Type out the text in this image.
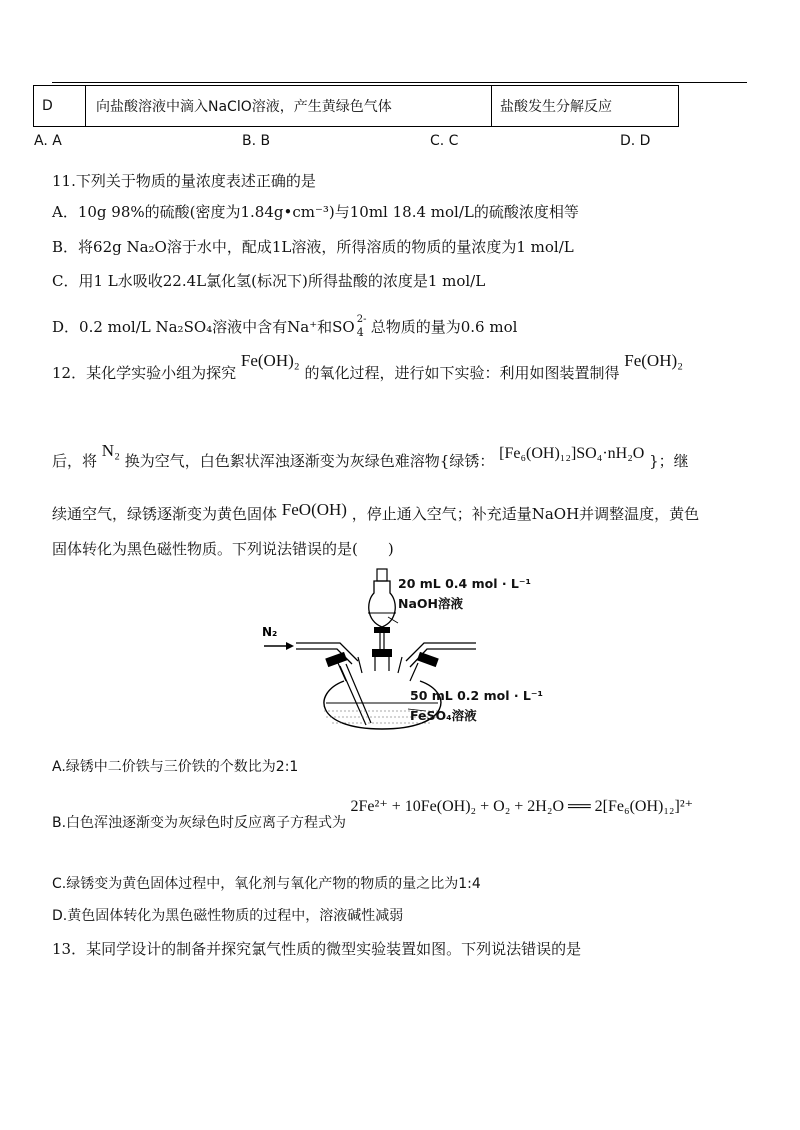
D	向盐酸溶液中滴入NaClO溶液，产生黄绿色气体	盐酸发生分解反应
A. A	B. B	C. C	D. D
11.下列关于物质的量浓度表述正确的是
A．10g 98%的硫酸(密度为1.84g•cm⁻³)与10ml 18.4 mol/L的硫酸浓度相等
B．将62g Na₂O溶于水中，配成1L溶液，所得溶质的物质的量浓度为1 mol/L
C．用1 L水吸收22.4L氯化氢(标况下)所得盐酸的浓度是1 mol/L
D．0.2 mol/L Na₂SO₄溶液中含有Na⁺和SO 2-
4 总物质的量为0.6 mol
12．某化学实验小组为探究 Fe(OH)₂ 的氧化过程，进行如下实验：利用如图装置制得 Fe(OH)₂
后，将 N₂ 换为空气，白色絮状浑浊逐渐变为灰绿色难溶物{绿锈： [Fe₆(OH)₁₂]SO₄·nH₂O }；继
续通空气，绿锈逐渐变为黄色固体 FeO(OH) ，停止通入空气；补充适量NaOH并调整温度，黄色
固体转化为黑色磁性物质。下列说法错误的是(　　)
N₂
20 mL 0.4 mol · L⁻¹
NaOH溶液
50 mL 0.2 mol · L⁻¹
FeSO₄溶液
A.绿锈中二价铁与三价铁的个数比为2:1
B.白色浑浊逐渐变为灰绿色时反应离子方程式为 2Fe²⁺ + 10Fe(OH)₂ + O₂ + 2H₂O ══ 2[Fe₆(OH)₁₂]²⁺
C.绿锈变为黄色固体过程中，氧化剂与氧化产物的物质的量之比为1:4
D.黄色固体转化为黑色磁性物质的过程中，溶液碱性减弱
13．某同学设计的制备并探究氯气性质的微型实验装置如图。下列说法错误的是
